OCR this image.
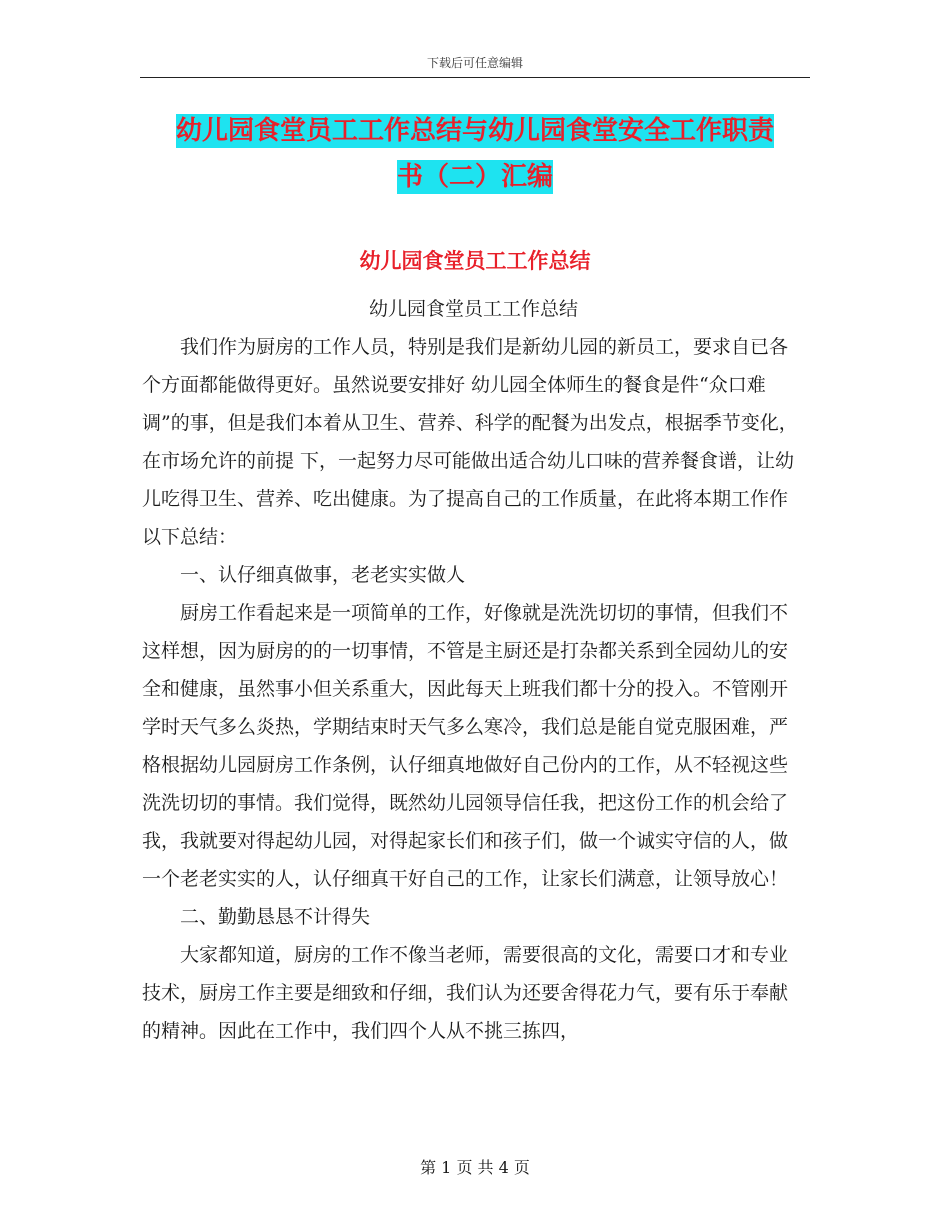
下载后可任意编辑
幼儿园食堂员工工作总结与幼儿园食堂安全工作职责
书（二）汇编
幼儿园食堂员工工作总结

幼儿园食堂员工工作总结

我们作为厨房的工作人员，特别是我们是新幼儿园的新员工，要求自已各个方面都能做得更好。虽然说要安排好 幼儿园全体师生的餐食是件“众口难调”的事，但是我们本着从卫生、营养、科学的配餐为出发点，根据季节变化，在市场允许的前提 下，一起努力尽可能做出适合幼儿口味的营养餐食谱，让幼儿吃得卫生、营养、吃出健康。为了提高自己的工作质量，在此将本期工作作以下总结：

一、认仔细真做事，老老实实做人

厨房工作看起来是一项简单的工作，好像就是洗洗切切的事情，但我们不这样想，因为厨房的的一切事情，不管是主厨还是打杂都关系到全园幼儿的安全和健康，虽然事小但关系重大，因此每天上班我们都十分的投入。不管刚开学时天气多么炎热，学期结束时天气多么寒冷，我们总是能自觉克服困难，严格根据幼儿园厨房工作条例，认仔细真地做好自己份内的工作，从不轻视这些洗洗切切的事情。我们觉得，既然幼儿园领导信任我，把这份工作的机会给了我，我就要对得起幼儿园，对得起家长们和孩子们，做一个诚实守信的人，做一个老老实实的人，认仔细真干好自己的工作，让家长们满意，让领导放心！

二、勤勤恳恳不计得失

大家都知道，厨房的工作不像当老师，需要很高的文化，需要口才和专业技术，厨房工作主要是细致和仔细，我们认为还要舍得花力气，要有乐于奉献的精神。因此在工作中，我们四个人从不挑三拣四，

第 1 页 共 4 页
